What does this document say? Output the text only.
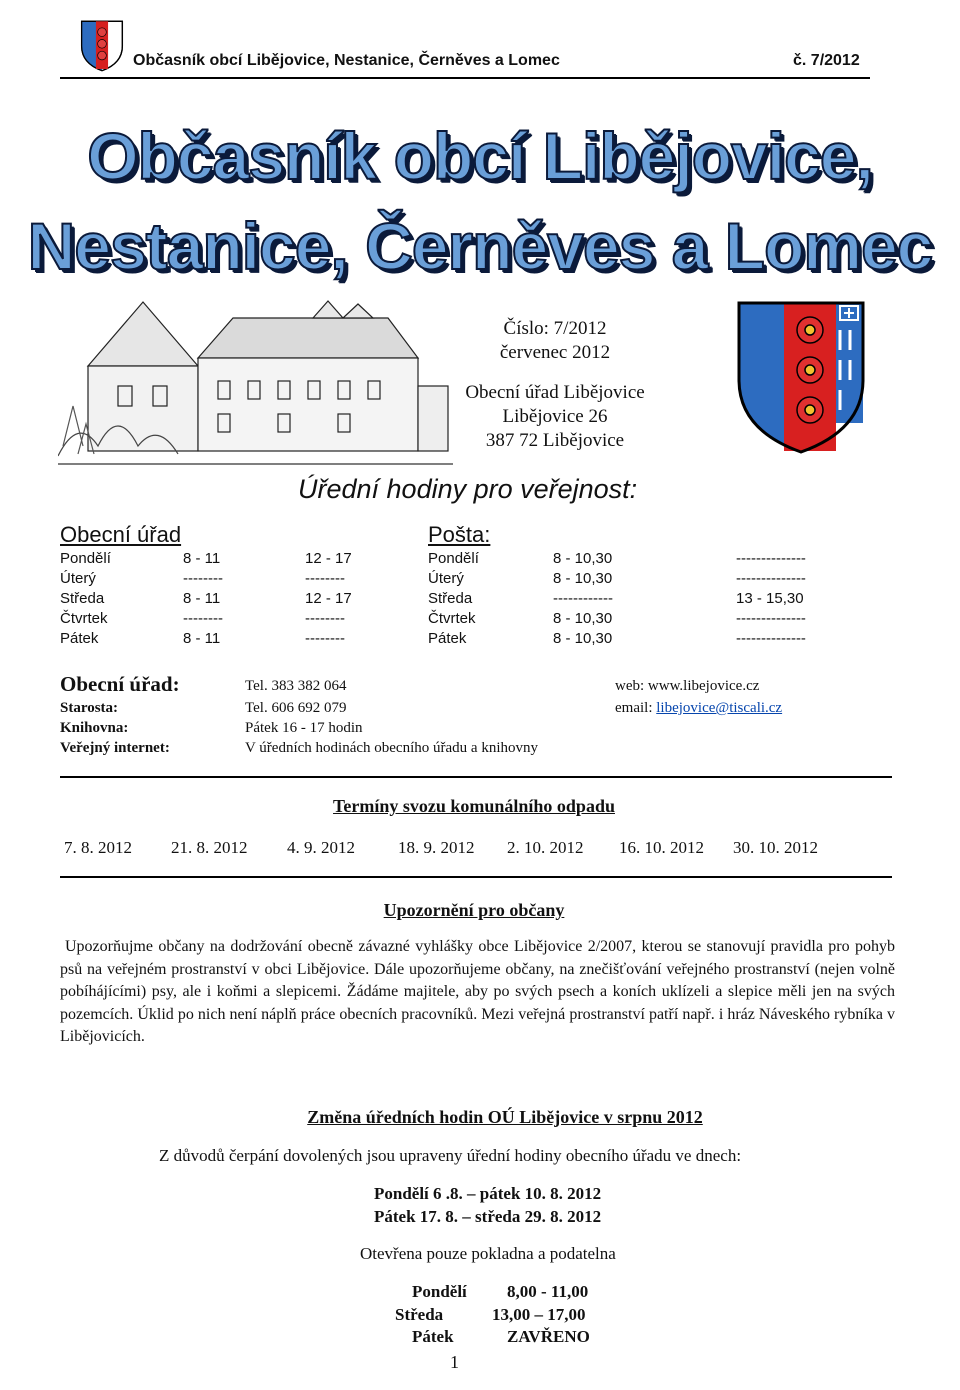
Občasník obcí Libějovice, Nestanice, Černěves a Lomec	č. 7/2012
Občasník obcí Libějovice,
Nestanice, Černěves a Lomec
Číslo: 7/2012
červenec 2012
Obecní úřad Libějovice
Libějovice 26
387 72 Libějovice
Úřední hodiny pro veřejnost:
Obecní úřad
Pondělí	8 - 11	12 - 17
Úterý	--------	--------
Středa	8 - 11	12 - 17
Čtvrtek	--------	--------
Pátek	8 - 11	--------
Pošta:
Pondělí	8 - 10,30	--------------
Úterý	8 - 10,30	--------------
Středa	------------	13 - 15,30
Čtvrtek	8 - 10,30	--------------
Pátek	8 - 10,30	--------------
Obecní úřad:	Tel. 383 382 064	web: www.libejovice.cz
Starosta:	Tel. 606 692 079	email: libejovice@tiscali.cz
Knihovna:	Pátek 16 - 17 hodin
Veřejný internet:	V úředních hodinách obecního úřadu a knihovny
Termíny svozu komunálního odpadu
7. 8. 2012 21. 8. 2012 4. 9. 2012	18. 9. 2012 2. 10. 2012 16. 10. 2012 30. 10. 2012
Upozornění pro občany
Upozorňujme občany na dodržování obecně závazné vyhlášky obce Libějovice 2/2007, kterou se stanovují pravidla pro pohyb psů na veřejném prostranství v obci Libějovice. Dále upozorňujeme občany, na znečišťování veřejného prostranství (nejen volně pobíhájícími) psy, ale i koňmi a slepicemi. Žádáme majitele, aby po svých psech a koních uklízeli a slepice měli jen na svých pozemcích. Úklid po nich není náplň práce obecních pracovníků. Mezi veřejná prostranství patří např. i hráz Náveského rybníka v Libějovicích.
Změna úředních hodin OÚ Libějovice v srpnu 2012
Z důvodů čerpání dovolených jsou upraveny úřední hodiny obecního úřadu ve dnech:
Pondělí 6 .8. – pátek 10. 8. 2012
Pátek 17. 8. – středa 29. 8. 2012
Otevřena pouze pokladna a podatelna
Pondělí 8,00 - 11,00
Středa	13,00 – 17,00
Pátek	ZAVŘENO
1
